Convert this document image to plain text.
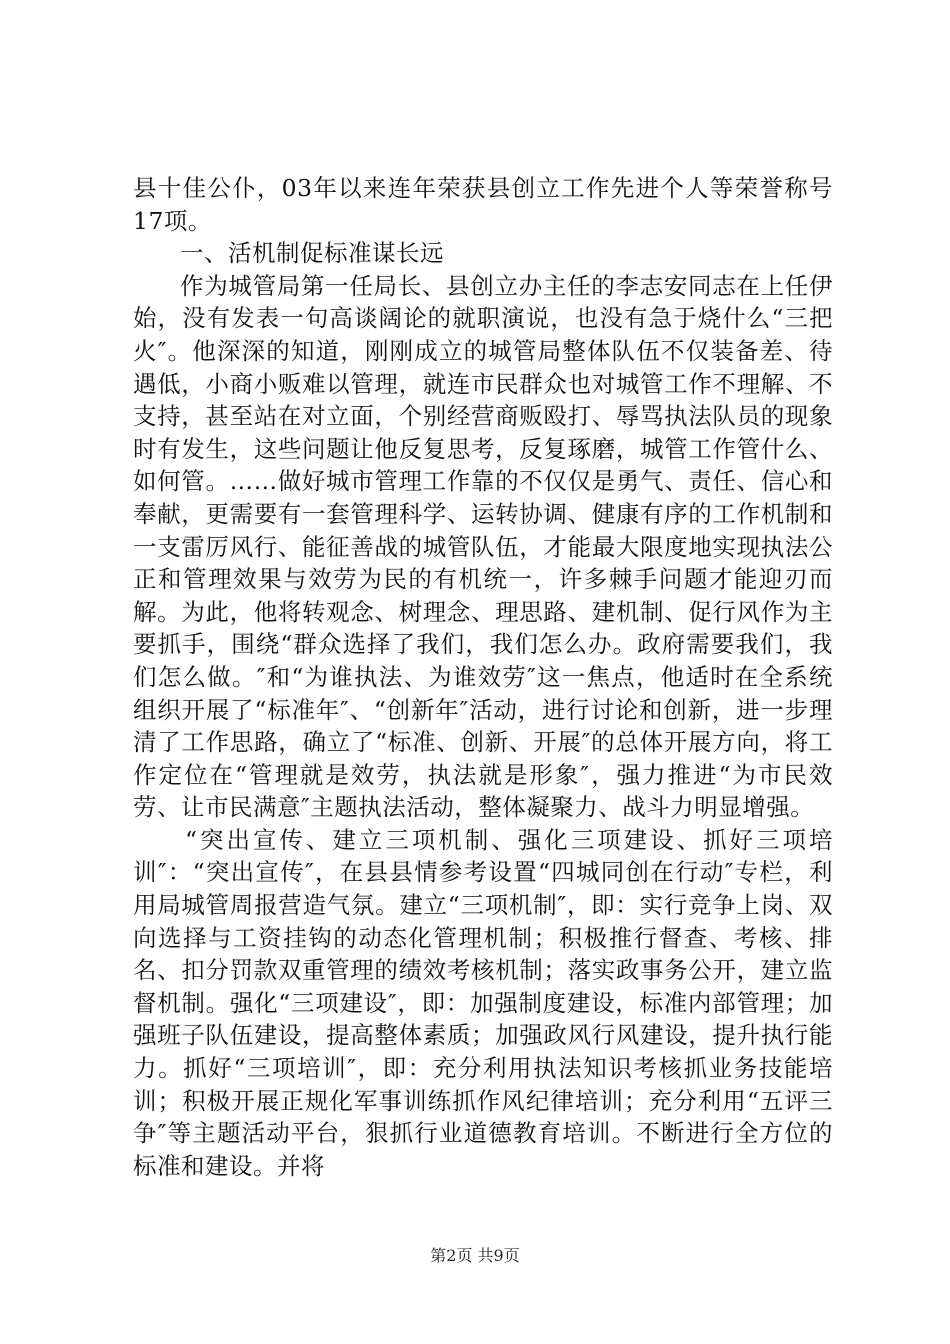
县十佳公仆，03年以来连年荣获县创立工作先进个人等荣誉称号17项。

一、活机制促标准谋长远

作为城管局第一任局长、县创立办主任的李志安同志在上任伊始，没有发表一句高谈阔论的就职演说，也没有急于烧什么“三把火″。他深深的知道，刚刚成立的城管局整体队伍不仅装备差、待遇低，小商小贩难以管理，就连市民群众也对城管工作不理解、不支持，甚至站在对立面，个别经营商贩殴打、辱骂执法队员的现象时有发生，这些问题让他反复思考，反复琢磨，城管工作管什么、如何管。……做好城市管理工作靠的不仅仅是勇气、责任、信心和奉献，更需要有一套管理科学、运转协调、健康有序的工作机制和一支雷厉风行、能征善战的城管队伍，才能最大限度地实现执法公正和管理效果与效劳为民的有机统一，许多棘手问题才能迎刃而解。为此，他将转观念、树理念、理思路、建机制、促行风作为主要抓手，围绕“群众选择了我们，我们怎么办。政府需要我们，我们怎么做。″和“为谁执法、为谁效劳″这一焦点，他适时在全系统组织开展了“标准年″、“创新年″活动，进行讨论和创新，进一步理清了工作思路，确立了“标准、创新、开展″的总体开展方向，将工作定位在“管理就是效劳，执法就是形象″，强力推进“为市民效劳、让市民满意″主题执法活动，整体凝聚力、战斗力明显增强。

“突出宣传、建立三项机制、强化三项建设、抓好三项培训″：“突出宣传″，在县县情参考设置“四城同创在行动″专栏，利用局城管周报营造气氛。建立“三项机制″，即：实行竞争上岗、双向选择与工资挂钩的动态化管理机制；积极推行督查、考核、排名、扣分罚款双重管理的绩效考核机制；落实政事务公开，建立监督机制。强化“三项建设″，即：加强制度建设，标准内部管理；加强班子队伍建设，提高整体素质；加强政风行风建设，提升执行能力。抓好“三项培训″，即：充分利用执法知识考核抓业务技能培训；积极开展正规化军事训练抓作风纪律培训；充分利用“五评三争″等主题活动平台，狠抓行业道德教育培训。不断进行全方位的标准和建设。并将

第2页 共9页
